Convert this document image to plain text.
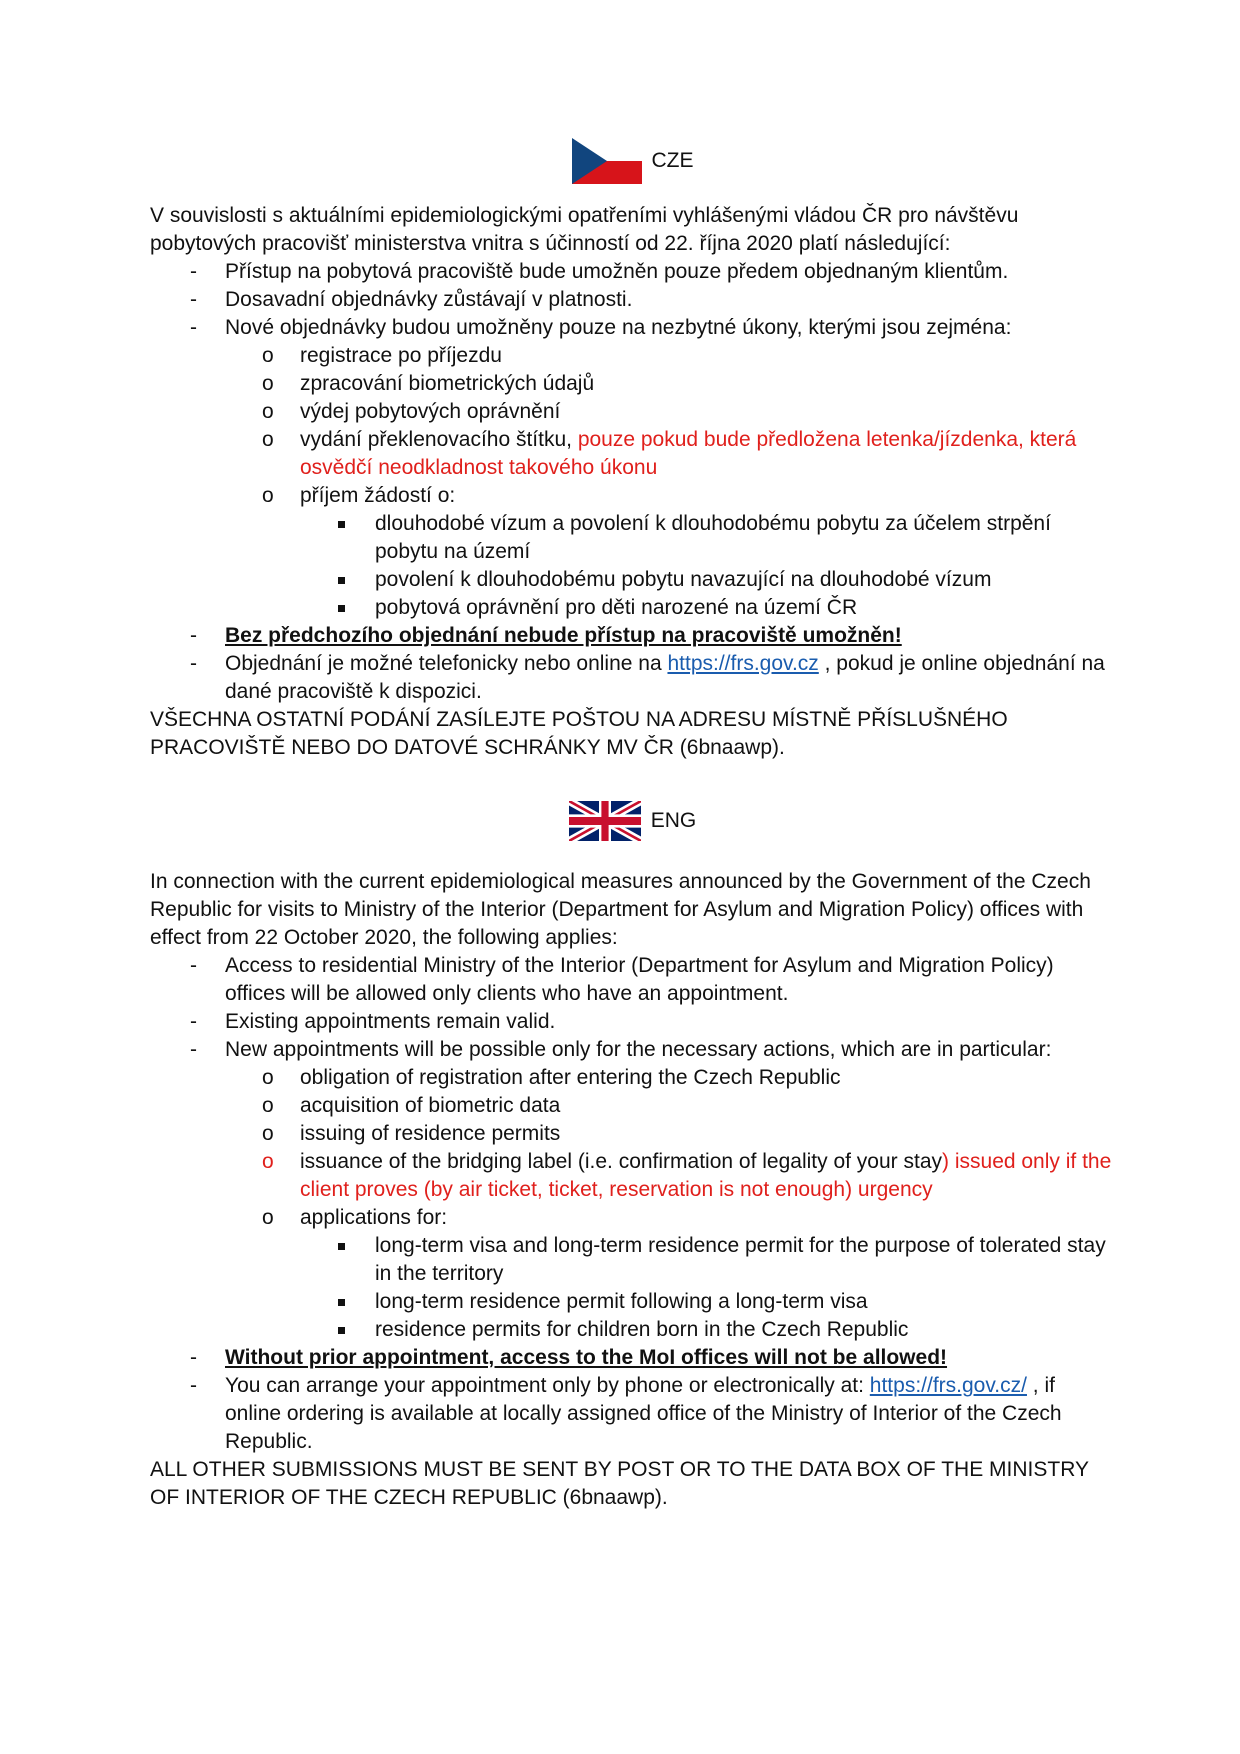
CZE

V souvislosti s aktuálními epidemiologickými opatřeními vyhlášenými vládou ČR pro návštěvu pobytových pracovišť ministerstva vnitra s účinností od 22. října 2020 platí následující:

- Přístup na pobytová pracoviště bude umožněn pouze předem objednaným klientům.
- Dosavadní objednávky zůstávají v platnosti.
- Nové objednávky budou umožněny pouze na nezbytné úkony, kterými jsou zejména:
o registrace po příjezdu
o zpracování biometrických údajů
o výdej pobytových oprávnění
o vydání překlenovacího štítku, pouze pokud bude předložena letenka/jízdenka, která osvědčí neodkladnost takového úkonu
o příjem žádostí o:
dlouhodobé vízum a povolení k dlouhodobému pobytu za účelem strpění pobytu na území
povolení k dlouhodobému pobytu navazující na dlouhodobé vízum
pobytová oprávnění pro děti narozené na území ČR
- Bez předchozího objednání nebude přístup na pracoviště umožněn!
- Objednání je možné telefonicky nebo online na https://frs.gov.cz , pokud je online objednání na dané pracoviště k dispozici.

VŠECHNA OSTATNÍ PODÁNÍ ZASÍLEJTE POŠTOU NA ADRESU MÍSTNĚ PŘÍSLUŠNÉHO PRACOVIŠTĚ NEBO DO DATOVÉ SCHRÁNKY MV ČR (6bnaawp).

ENG

In connection with the current epidemiological measures announced by the Government of the Czech Republic for visits to Ministry of the Interior (Department for Asylum and Migration Policy) offices with effect from 22 October 2020, the following applies:

- Access to residential Ministry of the Interior (Department for Asylum and Migration Policy) offices will be allowed only clients who have an appointment.
- Existing appointments remain valid.
- New appointments will be possible only for the necessary actions, which are in particular:
o obligation of registration after entering the Czech Republic
o acquisition of biometric data
o issuing of residence permits
o issuance of the bridging label (i.e. confirmation of legality of your stay) issued only if the client proves (by air ticket, ticket, reservation is not enough) urgency
o applications for:
long-term visa and long-term residence permit for the purpose of tolerated stay in the territory
long-term residence permit following a long-term visa
residence permits for children born in the Czech Republic
- Without prior appointment, access to the MoI offices will not be allowed!
- You can arrange your appointment only by phone or electronically at: https://frs.gov.cz/ , if online ordering is available at locally assigned office of the Ministry of Interior of the Czech Republic.

ALL OTHER SUBMISSIONS MUST BE SENT BY POST OR TO THE DATA BOX OF THE MINISTRY OF INTERIOR OF THE CZECH REPUBLIC (6bnaawp).
